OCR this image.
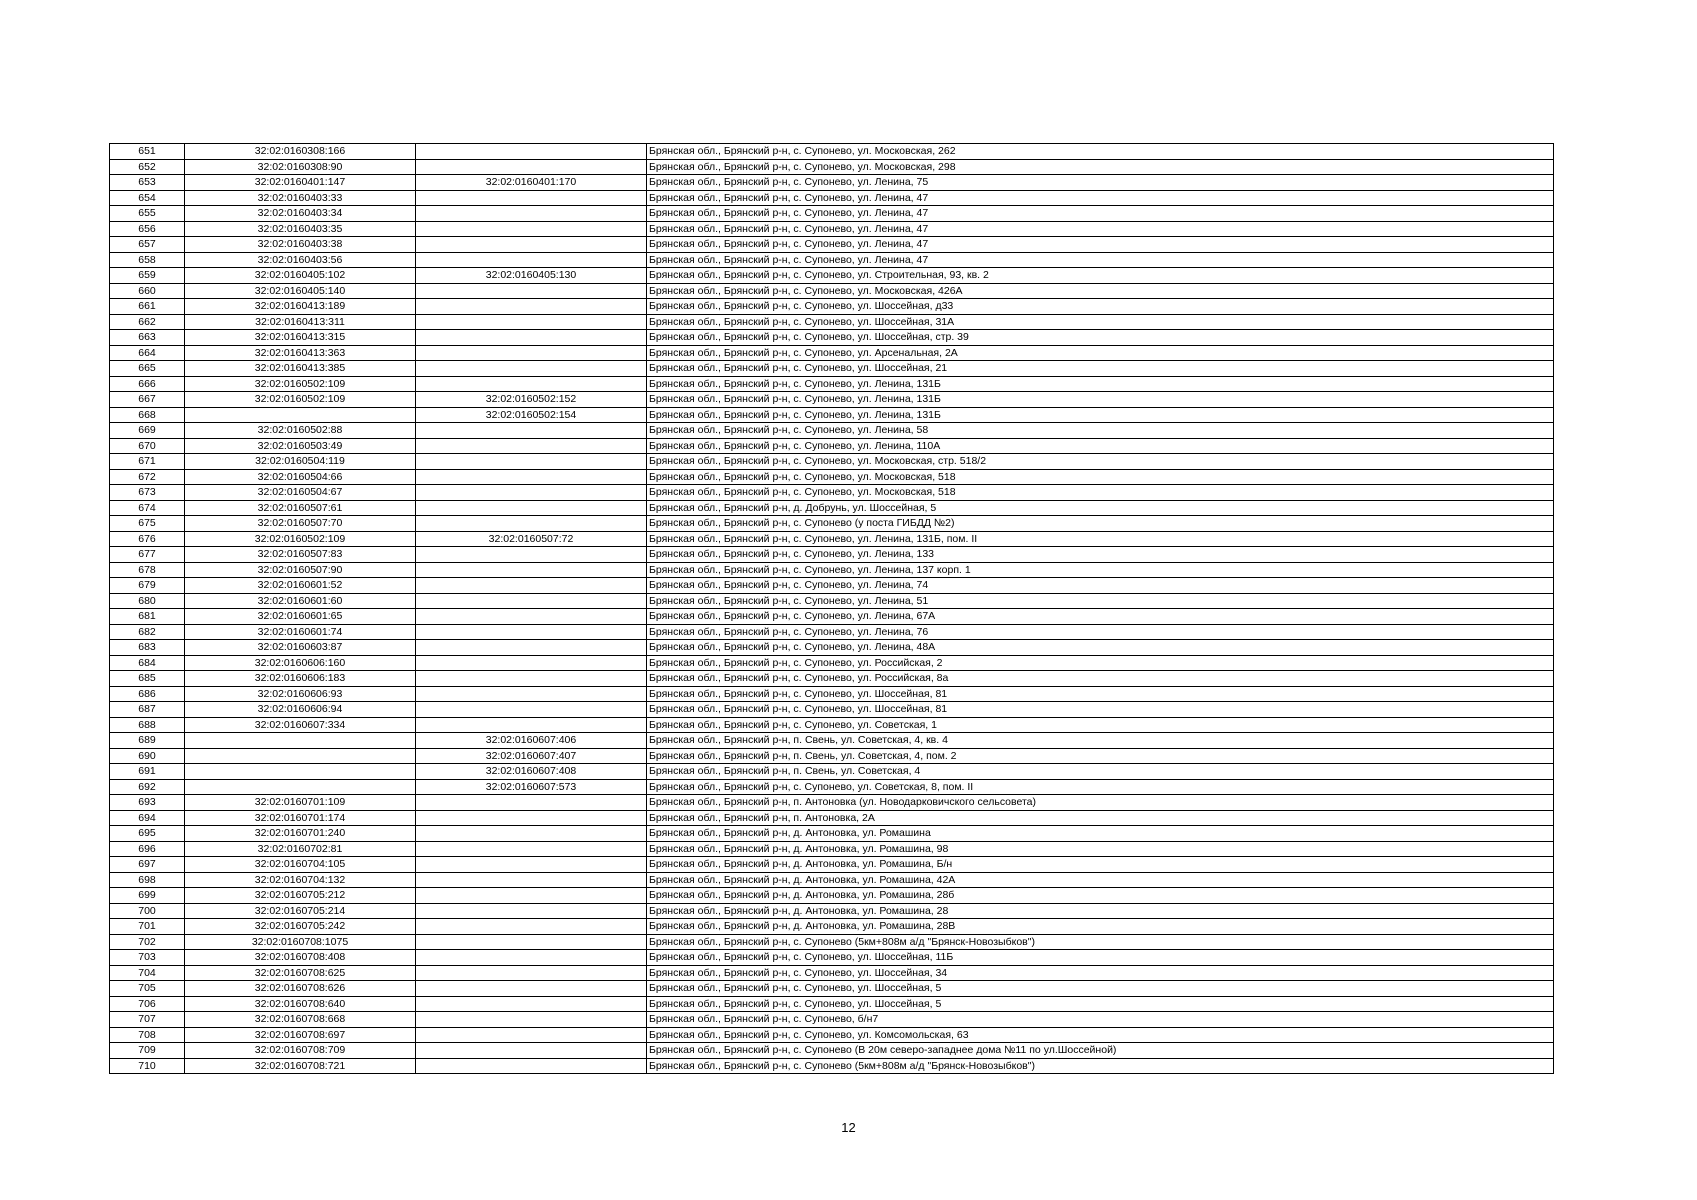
651	32:02:0160308:166		Брянская обл., Брянский р-н, с. Супонево, ул. Московская, 262
652	32:02:0160308:90		Брянская обл., Брянский р-н, с. Супонево, ул. Московская, 298
653	32:02:0160401:147	32:02:0160401:170	Брянская обл., Брянский р-н, с. Супонево, ул. Ленина, 75
654	32:02:0160403:33		Брянская обл., Брянский р-н, с. Супонево, ул. Ленина, 47
655	32:02:0160403:34		Брянская обл., Брянский р-н, с. Супонево, ул. Ленина, 47
656	32:02:0160403:35		Брянская обл., Брянский р-н, с. Супонево, ул. Ленина, 47
657	32:02:0160403:38		Брянская обл., Брянский р-н, с. Супонево, ул. Ленина, 47
658	32:02:0160403:56		Брянская обл., Брянский р-н, с. Супонево, ул. Ленина, 47
659	32:02:0160405:102	32:02:0160405:130	Брянская обл., Брянский р-н, с. Супонево, ул. Строительная, 93, кв. 2
660	32:02:0160405:140		Брянская обл., Брянский р-н, с. Супонево, ул. Московская, 426А
661	32:02:0160413:189		Брянская обл., Брянский р-н, с. Супонево, ул. Шоссейная, д33
662	32:02:0160413:311		Брянская обл., Брянский р-н, с. Супонево, ул. Шоссейная, 31А
663	32:02:0160413:315		Брянская обл., Брянский р-н, с. Супонево, ул. Шоссейная, стр. 39
664	32:02:0160413:363		Брянская обл., Брянский р-н, с. Супонево, ул. Арсенальная, 2А
665	32:02:0160413:385		Брянская обл., Брянский р-н, с. Супонево, ул. Шоссейная, 21
666	32:02:0160502:109		Брянская обл., Брянский р-н, с. Супонево, ул. Ленина, 131Б
667	32:02:0160502:109	32:02:0160502:152	Брянская обл., Брянский р-н, с. Супонево, ул. Ленина, 131Б
668		32:02:0160502:154	Брянская обл., Брянский р-н, с. Супонево, ул. Ленина, 131Б
669	32:02:0160502:88		Брянская обл., Брянский р-н, с. Супонево, ул. Ленина, 58
670	32:02:0160503:49		Брянская обл., Брянский р-н, с. Супонево, ул. Ленина, 110А
671	32:02:0160504:119		Брянская обл., Брянский р-н, с. Супонево, ул. Московская, стр. 518/2
672	32:02:0160504:66		Брянская обл., Брянский р-н, с. Супонево, ул. Московская, 518
673	32:02:0160504:67		Брянская обл., Брянский р-н, с. Супонево, ул. Московская, 518
674	32:02:0160507:61		Брянская обл., Брянский р-н, д. Добрунь, ул. Шоссейная, 5
675	32:02:0160507:70		Брянская обл., Брянский р-н, с. Супонево (у поста ГИБДД №2)
676	32:02:0160502:109	32:02:0160507:72	Брянская обл., Брянский р-н, с. Супонево, ул. Ленина, 131Б, пом. II
677	32:02:0160507:83		Брянская обл., Брянский р-н, с. Супонево, ул. Ленина, 133
678	32:02:0160507:90		Брянская обл., Брянский р-н, с. Супонево, ул. Ленина, 137 корп. 1
679	32:02:0160601:52		Брянская обл., Брянский р-н, с. Супонево, ул. Ленина, 74
680	32:02:0160601:60		Брянская обл., Брянский р-н, с. Супонево, ул. Ленина, 51
681	32:02:0160601:65		Брянская обл., Брянский р-н, с. Супонево, ул. Ленина, 67А
682	32:02:0160601:74		Брянская обл., Брянский р-н, с. Супонево, ул. Ленина, 76
683	32:02:0160603:87		Брянская обл., Брянский р-н, с. Супонево, ул. Ленина, 48А
684	32:02:0160606:160		Брянская обл., Брянский р-н, с. Супонево, ул. Российская, 2
685	32:02:0160606:183		Брянская обл., Брянский р-н, с. Супонево, ул. Российская, 8а
686	32:02:0160606:93		Брянская обл., Брянский р-н, с. Супонево, ул. Шоссейная, 81
687	32:02:0160606:94		Брянская обл., Брянский р-н, с. Супонево, ул. Шоссейная, 81
688	32:02:0160607:334		Брянская обл., Брянский р-н, с. Супонево, ул. Советская, 1
689		32:02:0160607:406	Брянская обл., Брянский р-н, п. Свень, ул. Советская, 4, кв. 4
690		32:02:0160607:407	Брянская обл., Брянский р-н, п. Свень, ул. Советская, 4, пом. 2
691		32:02:0160607:408	Брянская обл., Брянский р-н, п. Свень, ул. Советская, 4
692		32:02:0160607:573	Брянская обл., Брянский р-н, с. Супонево, ул. Советская, 8, пом. II
693	32:02:0160701:109		Брянская обл., Брянский р-н, п. Антоновка (ул. Новодарковичского сельсовета)
694	32:02:0160701:174		Брянская обл., Брянский р-н, п. Антоновка, 2А
695	32:02:0160701:240		Брянская обл., Брянский р-н, д. Антоновка, ул. Ромашина
696	32:02:0160702:81		Брянская обл., Брянский р-н, д. Антоновка, ул. Ромашина, 98
697	32:02:0160704:105		Брянская обл., Брянский р-н, д. Антоновка, ул. Ромашина, Б/н
698	32:02:0160704:132		Брянская обл., Брянский р-н, д. Антоновка, ул. Ромашина, 42А
699	32:02:0160705:212		Брянская обл., Брянский р-н, д. Антоновка, ул. Ромашина, 28б
700	32:02:0160705:214		Брянская обл., Брянский р-н, д. Антоновка, ул. Ромашина, 28
701	32:02:0160705:242		Брянская обл., Брянский р-н, д. Антоновка, ул. Ромашина, 28В
702	32:02:0160708:1075		Брянская обл., Брянский р-н, с. Супонево (5км+808м а/д "Брянск-Новозыбков")
703	32:02:0160708:408		Брянская обл., Брянский р-н, с. Супонево, ул. Шоссейная, 11Б
704	32:02:0160708:625		Брянская обл., Брянский р-н, с. Супонево, ул. Шоссейная, 34
705	32:02:0160708:626		Брянская обл., Брянский р-н, с. Супонево, ул. Шоссейная, 5
706	32:02:0160708:640		Брянская обл., Брянский р-н, с. Супонево, ул. Шоссейная, 5
707	32:02:0160708:668		Брянская обл., Брянский р-н, с. Супонево, б/н7
708	32:02:0160708:697		Брянская обл., Брянский р-н, с. Супонево, ул. Комсомольская, 63
709	32:02:0160708:709		Брянская обл., Брянский р-н, с. Супонево (В 20м северо-западнее дома №11 по ул.Шоссейной)
710	32:02:0160708:721		Брянская обл., Брянский р-н, с. Супонево (5км+808м а/д "Брянск-Новозыбков")
12
